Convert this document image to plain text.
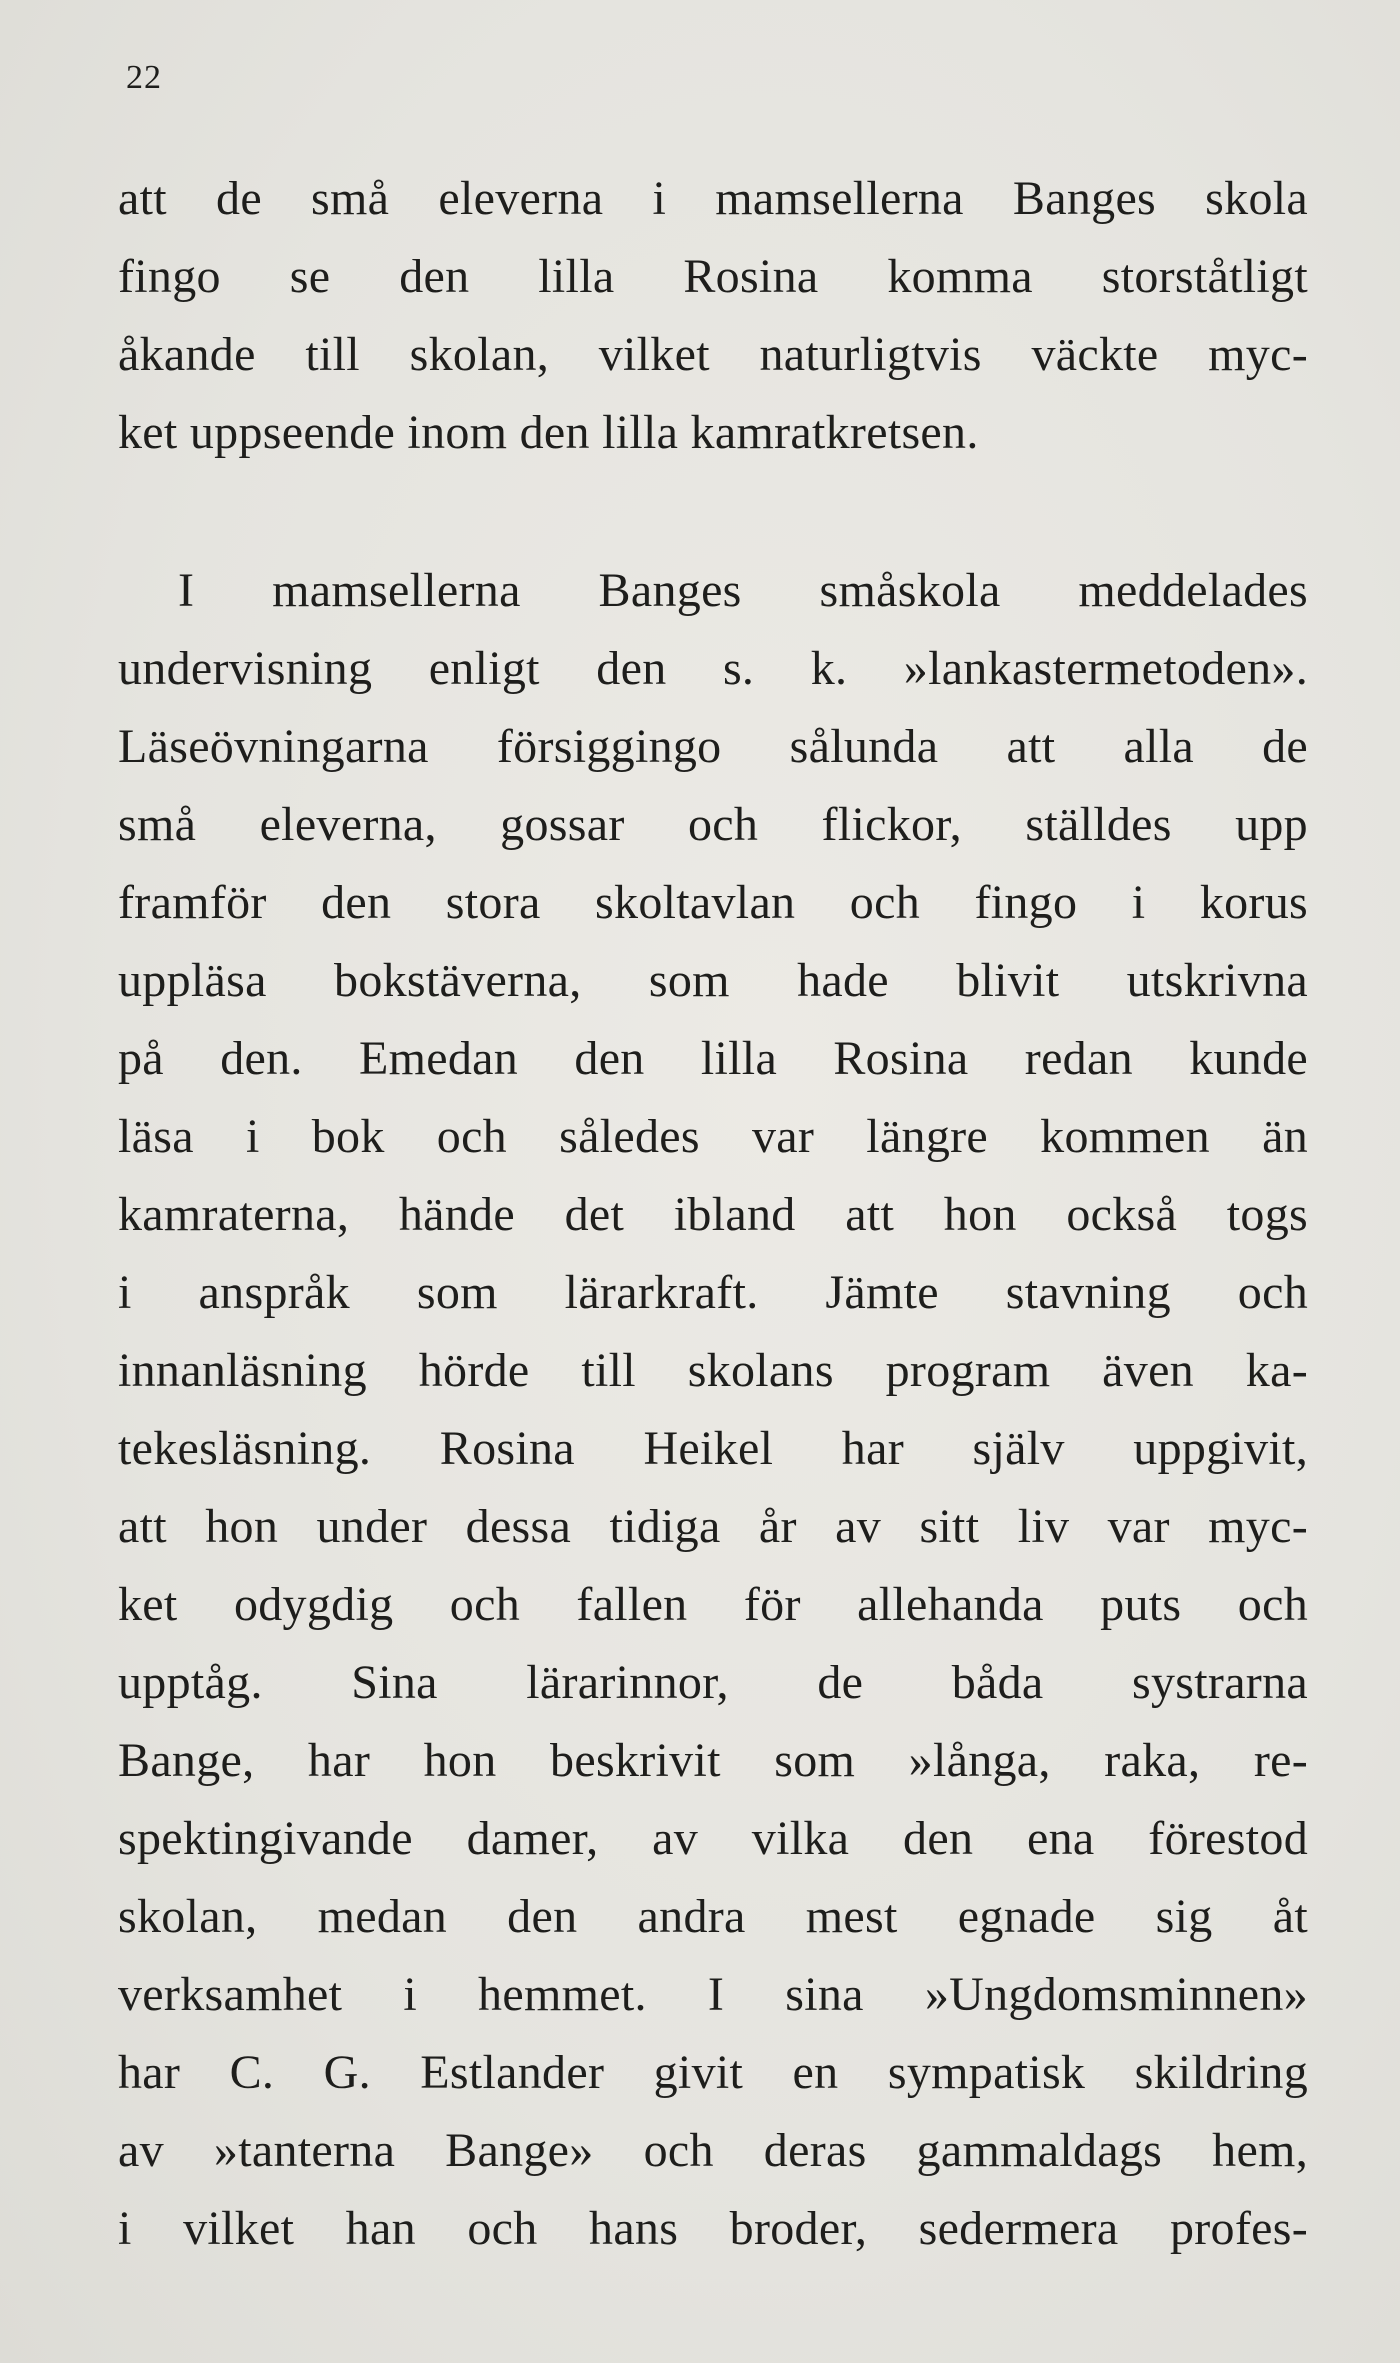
22
att de små eleverna i mamsellerna Banges skola
fingo se den lilla Rosina komma storståtligt
åkande till skolan, vilket naturligtvis väckte myc-
ket uppseende inom den lilla kamratkretsen.
I mamsellerna Banges småskola meddelades
undervisning enligt den s. k. »lankastermetoden».
Läseövningarna försiggingo sålunda att alla de
små eleverna, gossar och flickor, ställdes upp
framför den stora skoltavlan och fingo i korus
uppläsa bokstäverna, som hade blivit utskrivna
på den. Emedan den lilla Rosina redan kunde
läsa i bok och således var längre kommen än
kamraterna, hände det ibland att hon också togs
i anspråk som lärarkraft. Jämte stavning och
innanläsning hörde till skolans program även ka-
tekesläsning. Rosina Heikel har själv uppgivit,
att hon under dessa tidiga år av sitt liv var myc-
ket odygdig och fallen för allehanda puts och
upptåg. Sina lärarinnor, de båda systrarna
Bange, har hon beskrivit som »långa, raka, re-
spektingivande damer, av vilka den ena förestod
skolan, medan den andra mest egnade sig åt
verksamhet i hemmet. I sina »Ungdomsminnen»
har C. G. Estlander givit en sympatisk skildring
av »tanterna Bange» och deras gammaldags hem,
i vilket han och hans broder, sedermera profes-
